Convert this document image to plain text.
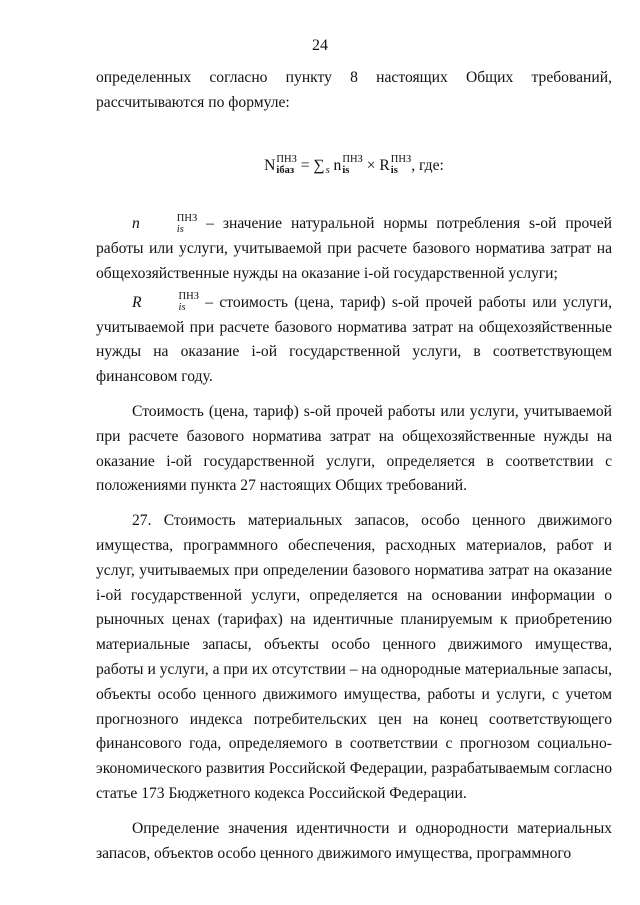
24

определенных согласно пункту 8 настоящих Общих требований, рассчитываются по формуле:

N ПНЗ
iбаз = ∑
s n ПНЗ
is × R ПНЗ
is , где:

n	ПНЗ
is – значение натуральной нормы потребления s-ой прочей работы или услуги, учитываемой при расчете базового норматива затрат на общехозяйственные нужды на оказание i-ой государственной услуги;

R	ПНЗ
is – стоимость (цена, тариф) s-ой прочей работы или услуги, учитываемой при расчете базового норматива затрат на общехозяйственные нужды на оказание i-ой государственной услуги, в соответствующем финансовом году.

Стоимость (цена, тариф) s-ой прочей работы или услуги, учитываемой при расчете базового норматива затрат на общехозяйственные нужды на оказание i-ой государственной услуги, определяется в соответствии с положениями пункта 27 настоящих Общих требований.

27. Стоимость материальных запасов, особо ценного движимого имущества, программного обеспечения, расходных материалов, работ и услуг, учитываемых при определении базового норматива затрат на оказание i-ой государственной услуги, определяется на основании информации о рыночных ценах (тарифах) на идентичные планируемым к приобретению материальные запасы, объекты особо ценного движимого имущества, работы и услуги, а при их отсутствии – на однородные материальные запасы, объекты особо ценного движимого имущества, работы и услуги, с учетом прогнозного индекса потребительских цен на конец соответствующего финансового года, определяемого в соответствии с прогнозом социально-экономического развития Российской Федерации, разрабатываемым согласно статье 173 Бюджетного кодекса Российской Федерации.

Определение значения идентичности и однородности материальных запасов, объектов особо ценного движимого имущества, программного
